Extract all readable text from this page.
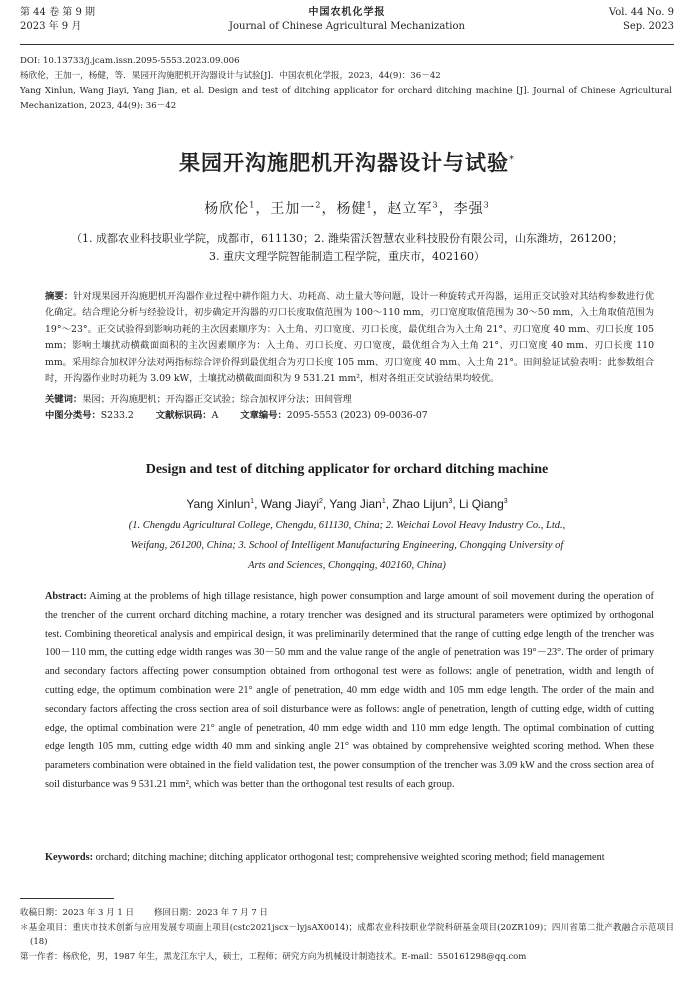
第 44 卷 第 9 期
2023 年 9 月
中国农机化学报
Journal of Chinese Agricultural Mechanization
Vol. 44 No. 9
Sep. 2023
DOI: 10.13733/j.jcam.issn.2095-5553.2023.09.006
杨欣伦，王加一，杨健，等．果园开沟施肥机开沟器设计与试验[J]．中国农机化学报，2023，44(9)：36－42
Yang Xinlun, Wang Jiayi, Yang Jian, et al. Design and test of ditching applicator for orchard ditching machine [J]. Journal of Chinese Agricultural Mechanization, 2023, 44(9): 36－42
果园开沟施肥机开沟器设计与试验*
杨欣伦$^1$，王加一$^2$，杨健$^1$，赵立军$^3$，李强$^3$
（1. 成都农业科技职业学院，成都市，611130；2. 潍柴雷沃智慧农业科技股份有限公司，山东潍坊，261200；
3. 重庆文理学院智能制造工程学院，重庆市，402160）
摘要：针对现果园开沟施肥机开沟器作业过程中耕作阻力大、功耗高、动土量大等问题，设计一种旋转式开沟器，运用正交试验对其结构参数进行优化确定。结合理论分析与经验设计，初步确定开沟器的刃口长度取值范围为 100～110 mm，刃口宽度取值范围为 30～50 mm，入土角取值范围为 19°～23°。正交试验得到影响功耗的主次因素顺序为：入土角、刃口宽度、刃口长度，最优组合为入土角 21°、刃口宽度 40 mm、刃口长度 105 mm；影响土壤扰动横截面面积的主次因素顺序为：入土角、刃口长度、刃口宽度，最优组合为入土角 21°、刃口宽度 40 mm、刃口长度 110 mm。采用综合加权评分法对两指标综合评价得到最优组合为刃口长度 105 mm、刃口宽度 40 mm、入土角 21°。田间验证试验表明：此参数组合时，开沟器作业时功耗为 3.09 kW，土壤扰动横截面面积为 9 531.21 mm²，相对各组正交试验结果均较优。
关键词：果园；开沟施肥机；开沟器正交试验；综合加权评分法；田间管理
中图分类号：S233.2 文献标识码：A 文章编号：2095-5553 (2023) 09-0036-07
Design and test of ditching applicator for orchard ditching machine
Yang Xinlun$^1$, Wang Jiayi$^2$, Yang Jian$^1$, Zhao Lijun$^3$, Li Qiang$^3$
(1. Chengdu Agricultural College, Chengdu, 611130, China; 2. Weichai Lovol Heavy Industry Co., Ltd.,
Weifang, 261200, China; 3. School of Intelligent Manufacturing Engineering, Chongqing University of
Arts and Sciences, Chongqing, 402160, China)
Abstract: Aiming at the problems of high tillage resistance, high power consumption and large amount of soil movement during the operation of the trencher of the current orchard ditching machine, a rotary trencher was designed and its structural parameters were optimized by orthogonal test. Combining theoretical analysis and empirical design, it was preliminarily determined that the range of cutting edge length of the trencher was 100－110 mm, the cutting edge width ranges was 30－50 mm and the value range of the angle of penetration was 19°－23°. The order of primary and secondary factors affecting power consumption obtained from orthogonal test were as follows: angle of penetration, width and length of cutting edge, the optimum combination were 21° angle of penetration, 40 mm edge width and 105 mm edge length. The order of the main and secondary factors affecting the cross section area of soil disturbance were as follows: angle of penetration, length of cutting edge, width of cutting edge, the optimal combination were 21° angle of penetration, 40 mm edge width and 110 mm edge length. The optimal combination of cutting edge length 105 mm, cutting edge width 40 mm and sinking angle 21° was obtained by comprehensive weighted scoring method. When these parameters combination were obtained in the field validation test, the power consumption of the trencher was 3.09 kW and the cross section area of soil disturbance was 9 531.21 mm², which was better than the orthogonal test results of each group.
Keywords: orchard; ditching machine; ditching applicator orthogonal test; comprehensive weighted scoring method; field management
收稿日期：2023 年 3 月 1 日 修回日期：2023 年 7 月 7 日
＊基金项目：重庆市技术创新与应用发展专项面上项目(cstc2021jscx－lyjsAX0014)；成都农业科技职业学院科研基金项目(20ZR109)；四川省第二批产教融合示范项目(18)
第一作者：杨欣伦，男，1987 年生，黑龙江东宁人，硕士，工程师；研究方向为机械设计制造技术。E-mail：550161298@qq.com
